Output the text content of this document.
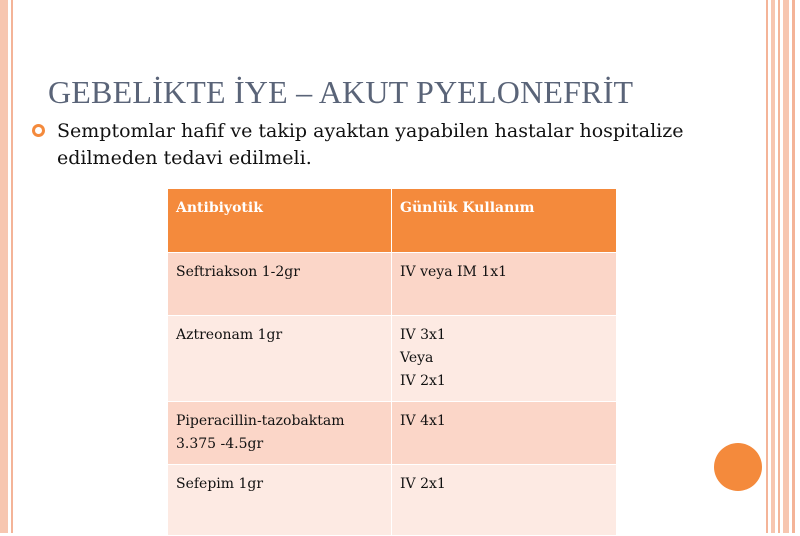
GEBELİKTE İYE – AKUT PYELONEFRİT
Semptomlar hafif ve takip ayaktan yapabilen hastalar hospitalize edilmeden tedavi edilmeli.
Antibiyotik	Günlük Kullanım
Seftriakson 1-2gr	IV veya IM 1x1

Aztreonam 1gr	IV 3x1
Veya
IV 2x1

Piperacillin-tazobaktam 3.375 -4.5gr	IV 4x1

Sefepim 1gr	IV 2x1
